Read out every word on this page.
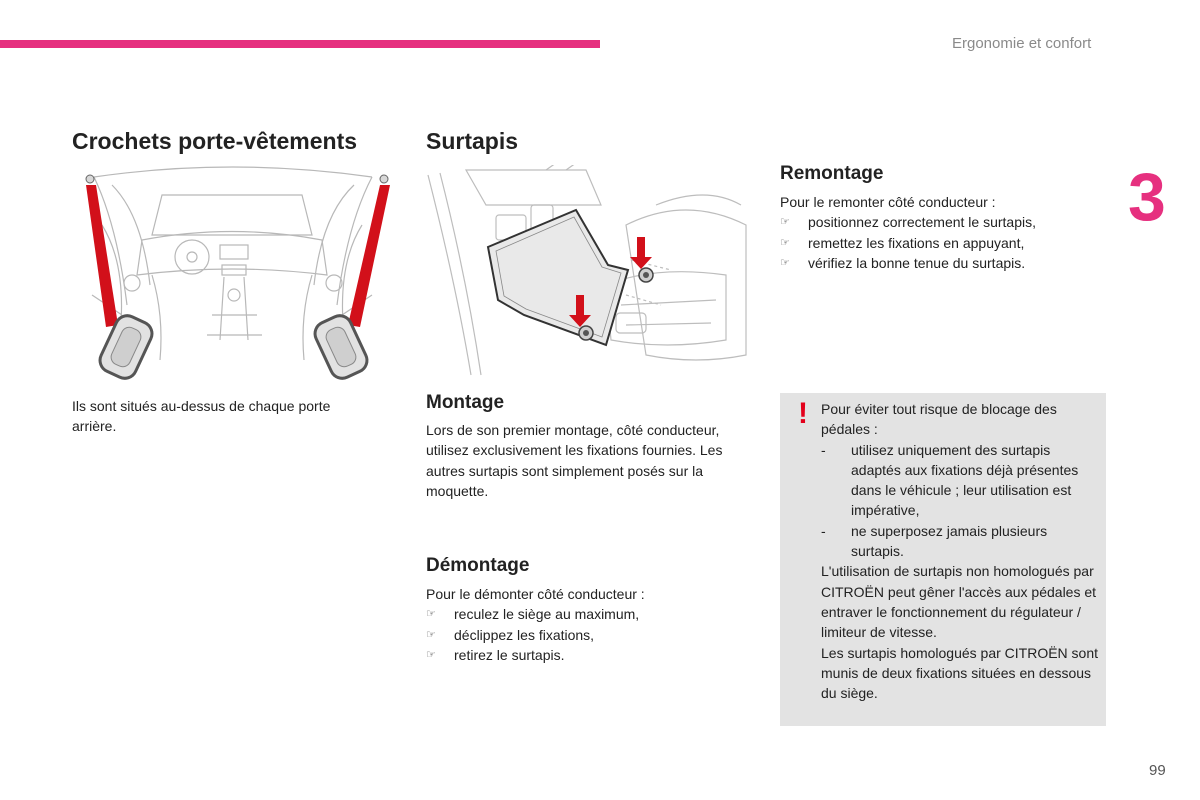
Ergonomie et confort
3
Crochets porte-vêtements
Ils sont situés au-dessus de chaque porte arrière.
Surtapis
Montage
Lors de son premier montage, côté conducteur, utilisez exclusivement les fixations fournies. Les autres surtapis sont simplement posés sur la moquette.
Démontage

Pour le démonter côté conducteur :

☞ reculez le siège au maximum,
☞ déclippez les fixations,
☞ retirez le surtapis.
Remontage

Pour le remonter côté conducteur :

☞ positionnez correctement le surtapis,
☞ remettez les fixations en appuyant,
☞ vérifiez la bonne tenue du surtapis.
! Pour éviter tout risque de blocage des pédales :

- utilisez uniquement des surtapis adaptés aux fixations déjà présentes dans le véhicule ; leur utilisation est impérative,
- ne superposez jamais plusieurs surtapis.

L'utilisation de surtapis non homologués par CITROËN peut gêner l'accès aux pédales et entraver le fonctionnement du régulateur / limiteur de vitesse.

Les surtapis homologués par CITROËN sont munis de deux fixations situées en dessous du siège.

99
